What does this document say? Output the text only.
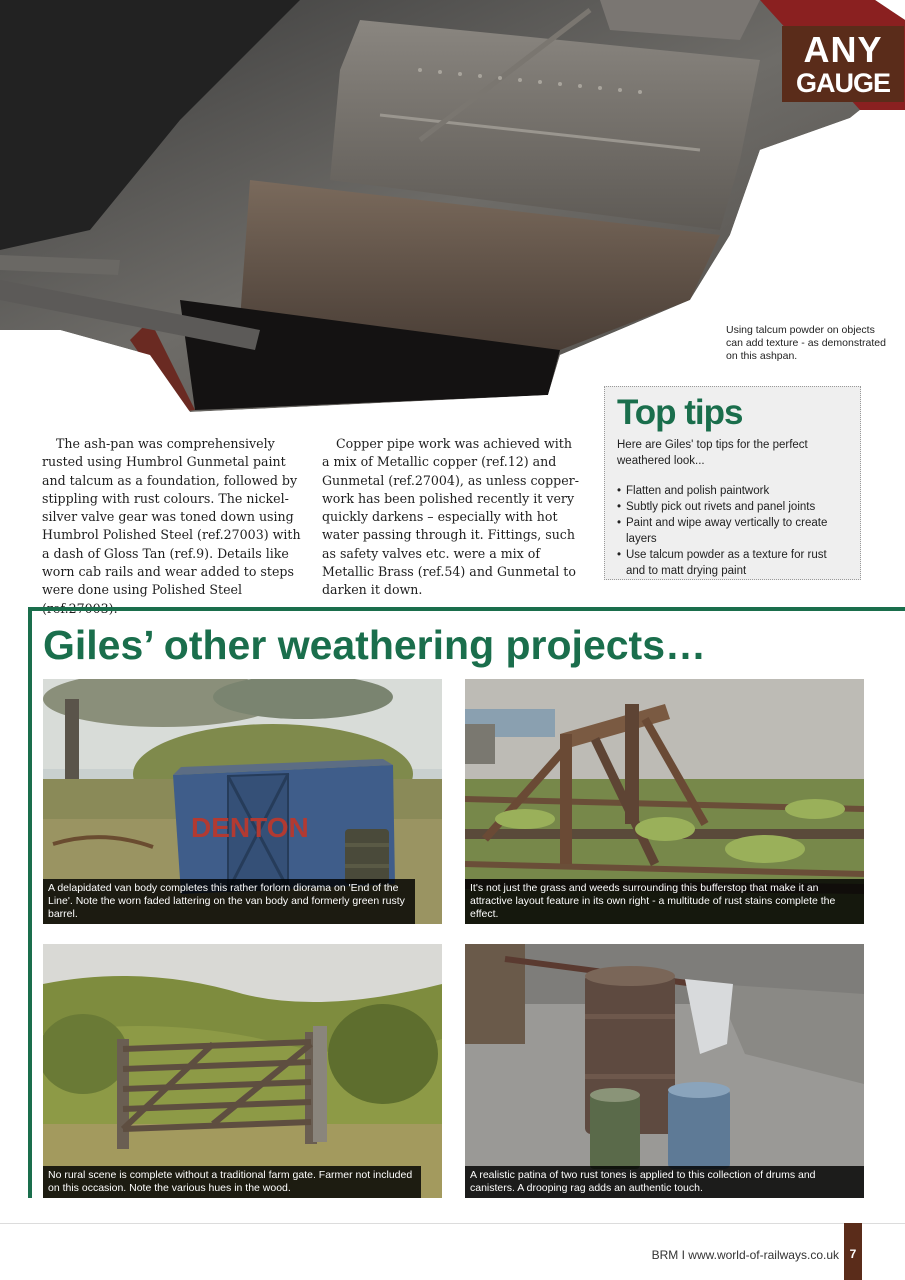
ANY
GAUGE
Using talcum powder on objects can add texture - as demonstrated on this ashpan.

The ash-pan was comprehensively rusted using Humbrol Gunmetal paint and talcum as a foundation, followed by stippling with rust colours. The nickel-silver valve gear was toned down using Humbrol Polished Steel (ref.27003) with a dash of Gloss Tan (ref.9). Details like worn cab rails and wear added to steps were done using Polished Steel

Copper pipe work was achieved with a mix of Metallic copper (ref.12) and Gunmetal (ref.27004), as unless copper-work has been polished recently it very quickly darkens – especially with hot water passing through it. Fittings, such as safety valves etc. were a mix of Metallic Brass (ref.54) and Gunmetal to darken it down.

Top tips
Here are Giles' top tips for the perfect weathered look...
• Flatten and polish paintwork
• Subtly pick out rivets and panel joints
• Paint and wipe away vertically to create layers
• Use talcum powder as a texture for rust and to matt drying paint
Giles’ other weathering projects…
DENTON
A delapidated van body completes this rather forlorn diorama on 'End of the Line'. Note the worn faded lattering on the van body and formerly green rusty barrel.
It's not just the grass and weeds surrounding this bufferstop that make it an attractive layout feature in its own right - a multitude of rust stains complete the effect.
No rural scene is complete without a traditional farm gate. Farmer not included on this occasion. Note the various hues in the wood.
A realistic patina of two rust tones is applied to this collection of drums and canisters. A drooping rag adds an authentic touch.
BRM I www.world-of-railways.co.uk 7
